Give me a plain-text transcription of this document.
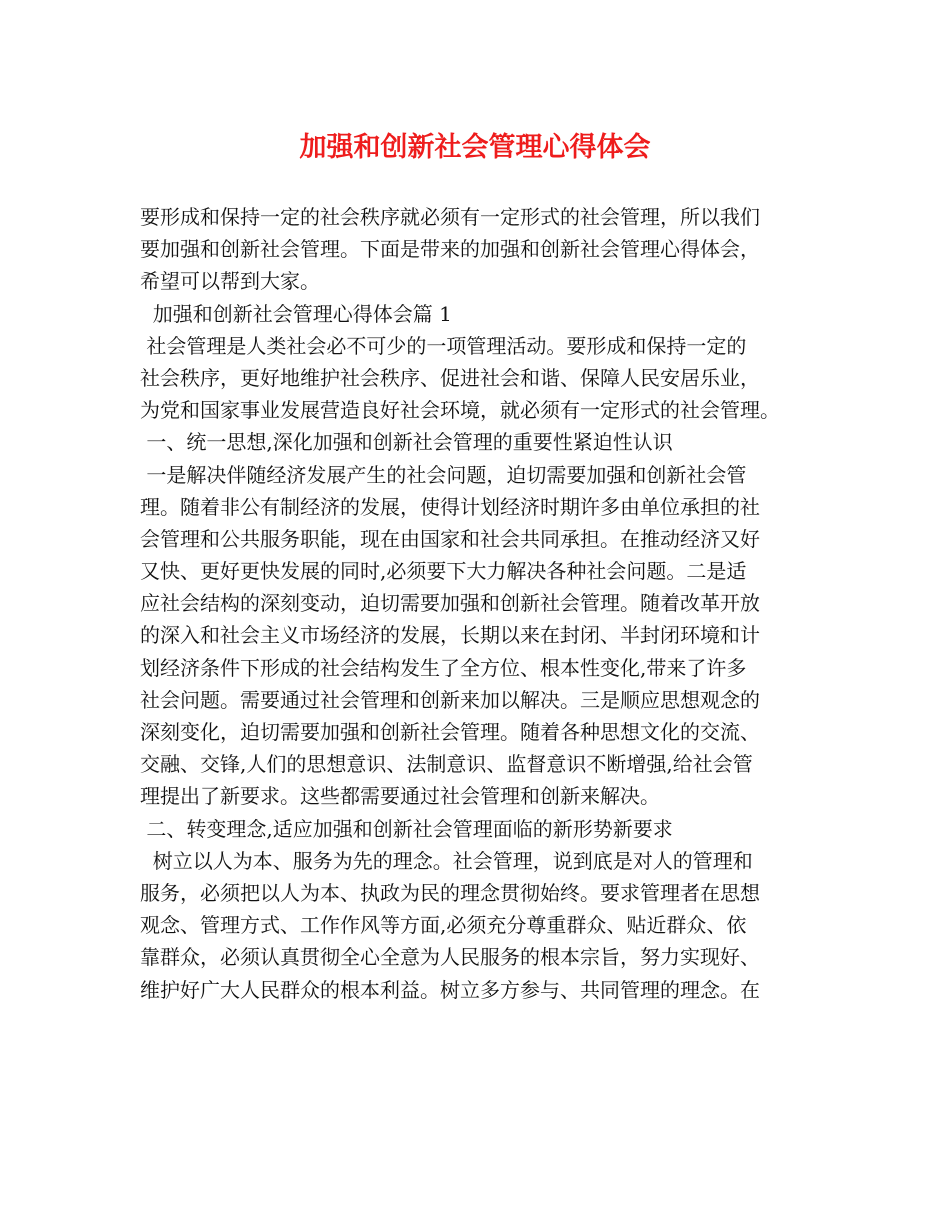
加强和创新社会管理心得体会
要形成和保持一定的社会秩序就必须有一定形式的社会管理，所以我们
要加强和创新社会管理。下面是带来的加强和创新社会管理心得体会，
希望可以帮到大家。
加强和创新社会管理心得体会篇 1
社会管理是人类社会必不可少的一项管理活动。要形成和保持一定的
社会秩序，更好地维护社会秩序、促进社会和谐、保障人民安居乐业，
为党和国家事业发展营造良好社会环境，就必须有一定形式的社会管理。
一、统一思想,深化加强和创新社会管理的重要性紧迫性认识
一是解决伴随经济发展产生的社会问题，迫切需要加强和创新社会管
理。随着非公有制经济的发展，使得计划经济时期许多由单位承担的社
会管理和公共服务职能，现在由国家和社会共同承担。在推动经济又好
又快、更好更快发展的同时,必须要下大力解决各种社会问题。二是适
应社会结构的深刻变动，迫切需要加强和创新社会管理。随着改革开放
的深入和社会主义市场经济的发展，长期以来在封闭、半封闭环境和计
划经济条件下形成的社会结构发生了全方位、根本性变化,带来了许多
社会问题。需要通过社会管理和创新来加以解决。三是顺应思想观念的
深刻变化，迫切需要加强和创新社会管理。随着各种思想文化的交流、
交融、交锋,人们的思想意识、法制意识、监督意识不断增强,给社会管
理提出了新要求。这些都需要通过社会管理和创新来解决。
二、转变理念,适应加强和创新社会管理面临的新形势新要求
树立以人为本、服务为先的理念。社会管理，说到底是对人的管理和
服务，必须把以人为本、执政为民的理念贯彻始终。要求管理者在思想
观念、管理方式、工作作风等方面,必须充分尊重群众、贴近群众、依
靠群众，必须认真贯彻全心全意为人民服务的根本宗旨，努力实现好、
维护好广大人民群众的根本利益。树立多方参与、共同管理的理念。在
